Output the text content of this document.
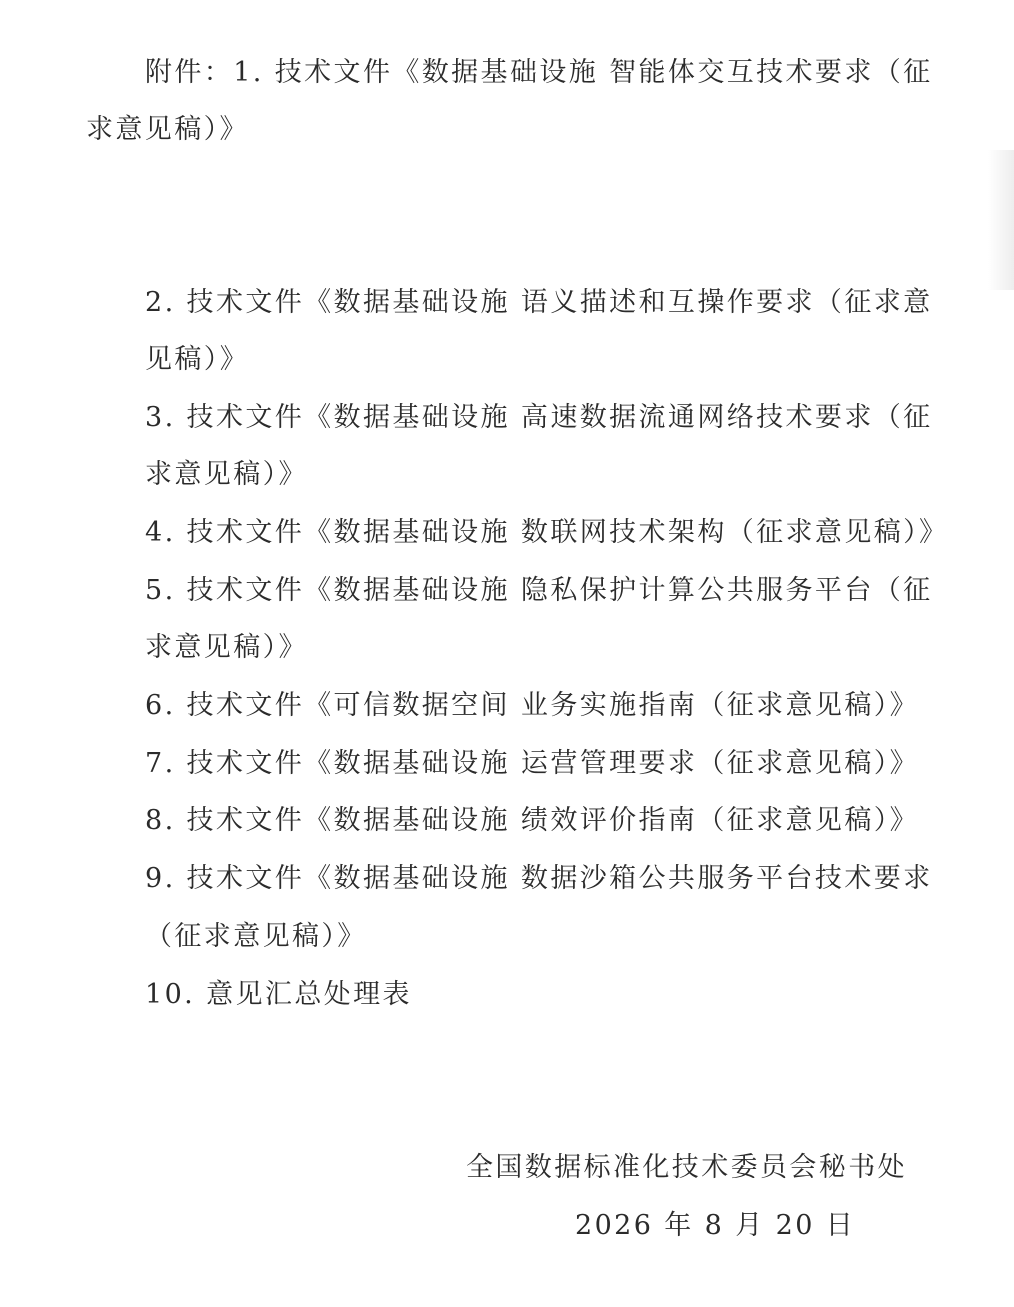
附件：1. 技术文件《数据基础设施 智能体交互技术要求（征
求意见稿）》
2. 技术文件《数据基础设施 语义描述和互操作要求（征求意
见稿）》
3. 技术文件《数据基础设施 高速数据流通网络技术要求（征
求意见稿）》
4. 技术文件《数据基础设施 数联网技术架构（征求意见稿）》
5. 技术文件《数据基础设施 隐私保护计算公共服务平台（征
求意见稿）》
6. 技术文件《可信数据空间 业务实施指南（征求意见稿）》
7. 技术文件《数据基础设施 运营管理要求（征求意见稿）》
8. 技术文件《数据基础设施 绩效评价指南（征求意见稿）》
9. 技术文件《数据基础设施 数据沙箱公共服务平台技术要求
（征求意见稿）》
10. 意见汇总处理表
全国数据标准化技术委员会秘书处
2026 年 8 月 20 日
